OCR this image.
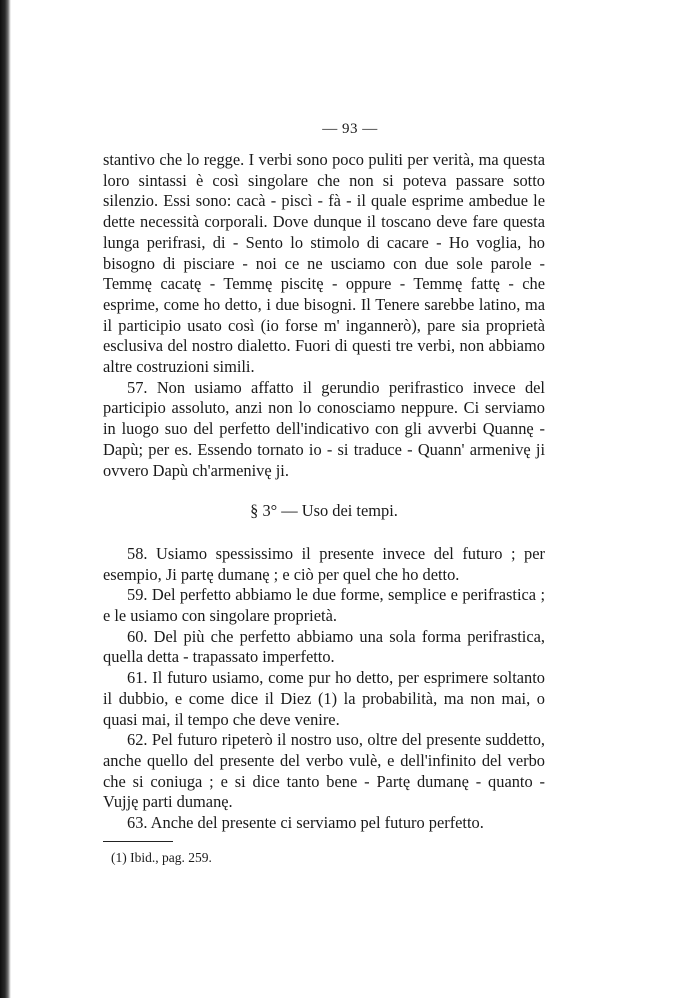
— 93 —

stantivo che lo regge. I verbi sono poco puliti per verità, ma questa loro sintassi è così singolare che non si poteva passare sotto silenzio. Essi sono: cacà - piscì - fà - il quale esprime ambedue le dette necessità corporali. Dove dunque il toscano deve fare questa lunga perifrasi, di - Sento lo stimolo di cacare - Ho voglia, ho bisogno di pisciare - noi ce ne usciamo con due sole parole - Temmę cacatę - Temmę piscitę - oppure - Temmę fattę - che esprime, come ho detto, i due bisogni. Il Tenere sarebbe latino, ma il participio usato così (io forse m' ingannerò), pare sia proprietà esclusiva del nostro dialetto. Fuori di questi tre verbi, non abbiamo altre costruzioni simili.

57. Non usiamo affatto il gerundio perifrastico invece del participio assoluto, anzi non lo conosciamo neppure. Ci serviamo in luogo suo del perfetto dell'indicativo con gli avverbi Quannę - Dapù; per es. Essendo tornato io - si traduce - Quann' armenivę ji ovvero Dapù ch'armenivę ji.

§ 3° — Uso dei tempi.

58. Usiamo spessissimo il presente invece del futuro ; per esempio, Ji partę dumanę ; e ciò per quel che ho detto.

59. Del perfetto abbiamo le due forme, semplice e perifrastica ; e le usiamo con singolare proprietà.

60. Del più che perfetto abbiamo una sola forma perifrastica, quella detta - trapassato imperfetto.

61. Il futuro usiamo, come pur ho detto, per esprimere soltanto il dubbio, e come dice il Diez (1) la probabilità, ma non mai, o quasi mai, il tempo che deve venire.

62. Pel futuro ripeterò il nostro uso, oltre del presente suddetto, anche quello del presente del verbo vulè, e dell'infinito del verbo che si coniuga ; e si dice tanto bene - Partę dumanę - quanto - Vujję parti dumanę.

63. Anche del presente ci serviamo pel futuro perfetto.

(1) Ibid., pag. 259.
